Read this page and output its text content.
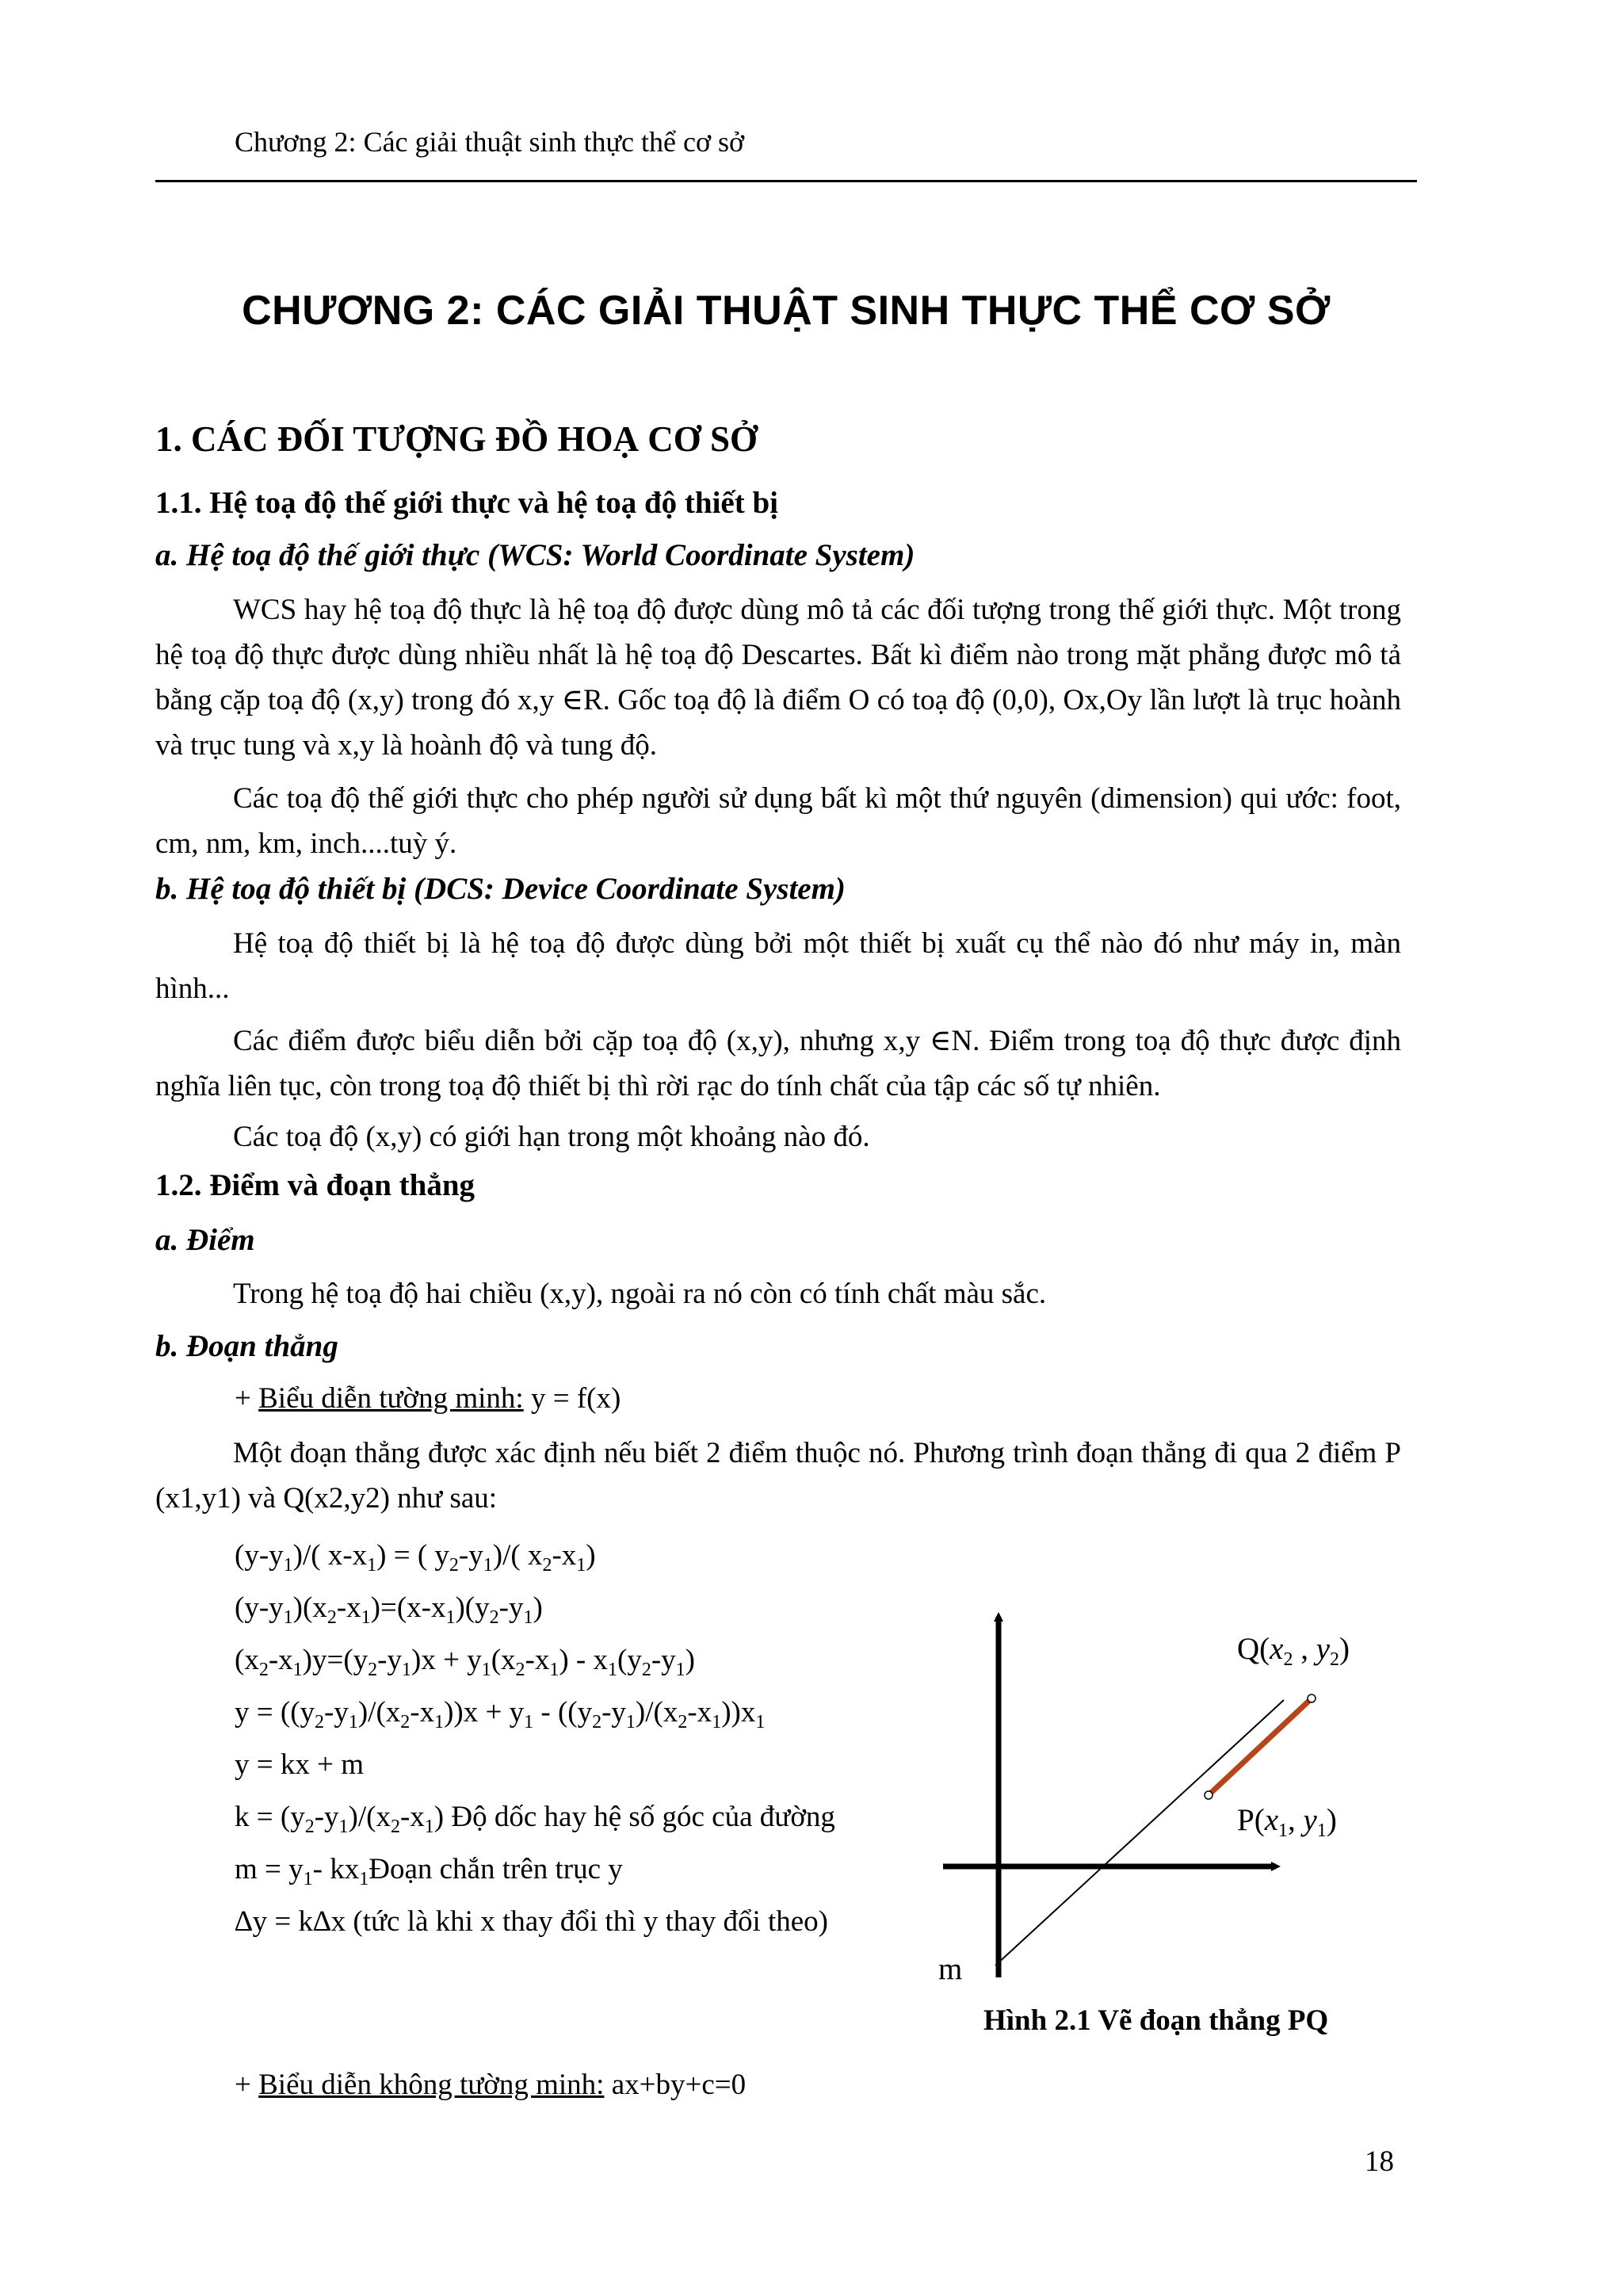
Chương 2: Các giải thuật sinh thực thể cơ sở
CHƯƠNG 2: CÁC GIẢI THUẬT SINH THỰC THỂ CƠ SỞ
1. CÁC ĐỐI TƯỢNG ĐỒ HOẠ CƠ SỞ
1.1. Hệ toạ độ thế giới thực và hệ toạ độ thiết bị
a. Hệ toạ độ thế giới thực (WCS: World Coordinate System)
WCS hay hệ toạ độ thực là hệ toạ độ được dùng mô tả các đối tượng trong thế giới thực. Một trong hệ toạ độ thực được dùng nhiều nhất là hệ toạ độ Descartes. Bất kì điểm nào trong mặt phẳng được mô tả bằng cặp toạ độ (x,y) trong đó x,y ∈R. Gốc toạ độ là điểm O có toạ độ (0,0), Ox,Oy lần lượt là trục hoành và trục tung và x,y là hoành độ và tung độ.
Các toạ độ thế giới thực cho phép người sử dụng bất kì một thứ nguyên (dimension) qui ước: foot, cm, nm, km, inch....tuỳ ý.
b. Hệ toạ độ thiết bị (DCS: Device Coordinate System)
Hệ toạ độ thiết bị là hệ toạ độ được dùng bởi một thiết bị xuất cụ thể nào đó như máy in, màn hình...
Các điểm được biểu diễn bởi cặp toạ độ (x,y), nhưng x,y ∈N. Điểm trong toạ độ thực được định nghĩa liên tục, còn trong toạ độ thiết bị thì rời rạc do tính chất của tập các số tự nhiên.
Các toạ độ (x,y) có giới hạn trong một khoảng nào đó.
1.2. Điểm và đoạn thẳng
a. Điểm
Trong hệ toạ độ hai chiều (x,y), ngoài ra nó còn có tính chất màu sắc.
b. Đoạn thẳng
+ Biểu diễn tường minh: y = f(x)
Một đoạn thẳng được xác định nếu biết 2 điểm thuộc nó. Phương trình đoạn thẳng đi qua 2 điểm P (x1,y1) và Q(x2,y2) như sau:
$(y-y_1)/$( $x-x_1$) = ( $y_2-y_1)/$( $x_2-x_1$)
$(y-y_1)(x_2-x_1)=(x-x_1)(y_2-y_1)$
$(x_2-x_1)y=(y_2-y_1)x + y_1(x_2-x_1) - x_1(y_2-y_1)$
$y = ((y_2-y_1)/(x_2-x_1))x + y_1 - ((y_2-y_1)/(x_2-x_1))x_1$
y = kx + m
$k = (y_2-y_1)/(x_2-x_1)$ Độ dốc hay hệ số góc của đường
$m = y_1-$ $kx_1Đoạn$ chắn trên trục y
∆y = k∆x (tức là khi x thay đổi thì y thay đổi theo)
$Q(x_2$ , $y_2$)
$P(x_1$, $y_1$)
m
Hình 2.1 Vẽ đoạn thẳng PQ
+ Biểu diễn không tường minh: ax+by+c=0
18
